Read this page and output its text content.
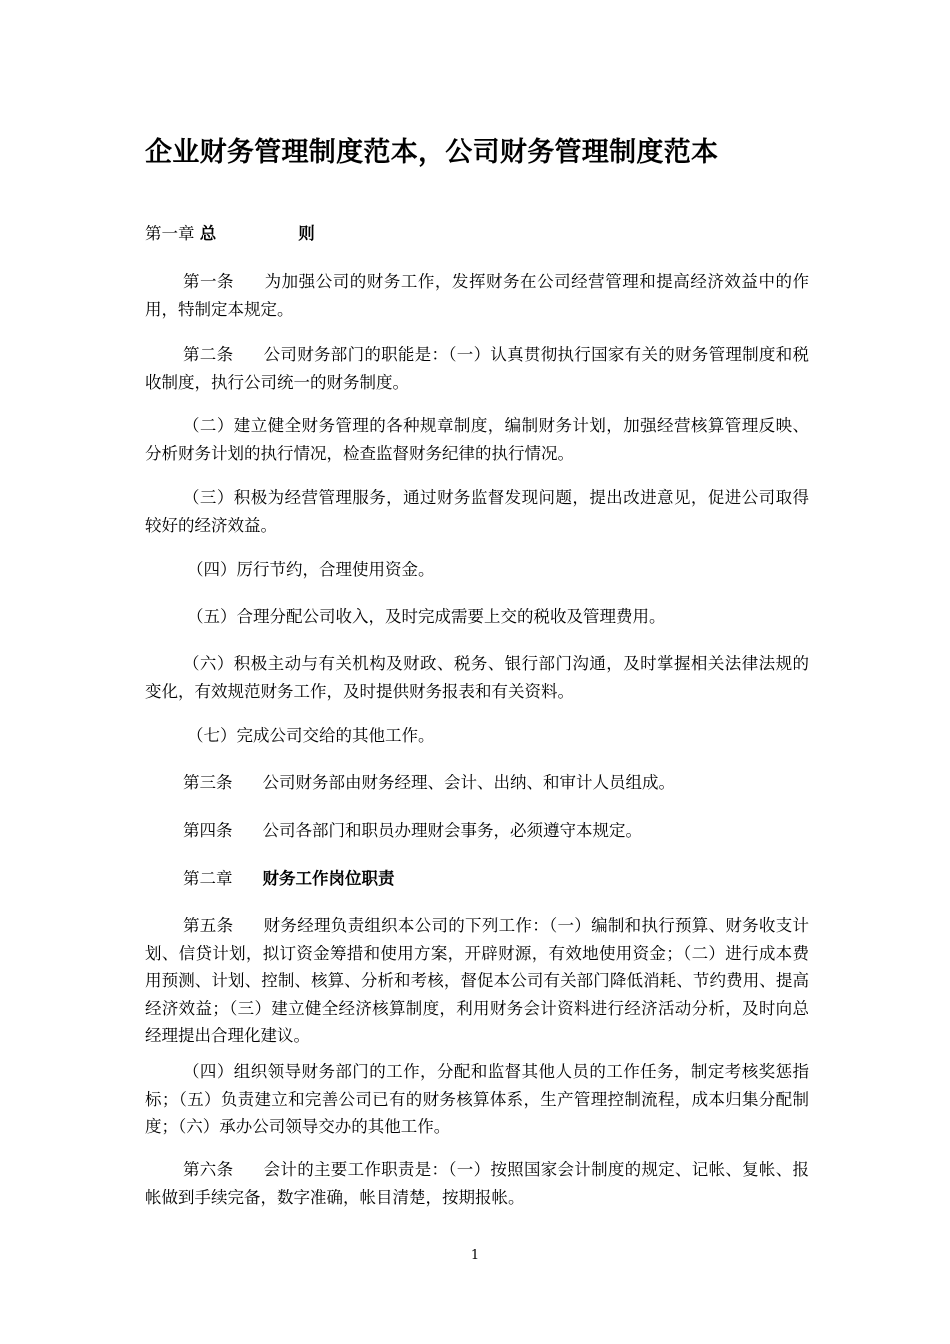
企业财务管理制度范本，公司财务管理制度范本
第一章 总	则
第一条 为加强公司的财务工作，发挥财务在公司经营管理和提高经济效益中的作用，特制定本规定。
第二条 公司财务部门的职能是：（一）认真贯彻执行国家有关的财务管理制度和税收制度，执行公司统一的财务制度。
（二）建立健全财务管理的各种规章制度，编制财务计划，加强经营核算管理反映、分析财务计划的执行情况，检查监督财务纪律的执行情况。
（三）积极为经营管理服务，通过财务监督发现问题，提出改进意见，促进公司取得较好的经济效益。
（四）厉行节约，合理使用资金。
（五）合理分配公司收入，及时完成需要上交的税收及管理费用。
（六）积极主动与有关机构及财政、税务、银行部门沟通，及时掌握相关法律法规的变化，有效规范财务工作，及时提供财务报表和有关资料。
（七）完成公司交给的其他工作。
第三条 公司财务部由财务经理、会计、出纳、和审计人员组成。
第四条 公司各部门和职员办理财会事务，必须遵守本规定。
第二章 财务工作岗位职责
第五条 财务经理负责组织本公司的下列工作：（一）编制和执行预算、财务收支计划、信贷计划，拟订资金筹措和使用方案，开辟财源，有效地使用资金；（二）进行成本费用预测、计划、控制、核算、分析和考核，督促本公司有关部门降低消耗、节约费用、提高经济效益；（三）建立健全经济核算制度，利用财务会计资料进行经济活动分析，及时向总经理提出合理化建议。
（四）组织领导财务部门的工作，分配和监督其他人员的工作任务，制定考核奖惩指标；（五）负责建立和完善公司已有的财务核算体系，生产管理控制流程，成本归集分配制度；（六）承办公司领导交办的其他工作。
第六条 会计的主要工作职责是：（一）按照国家会计制度的规定、记帐、复帐、报帐做到手续完备，数字准确，帐目清楚，按期报帐。
1
